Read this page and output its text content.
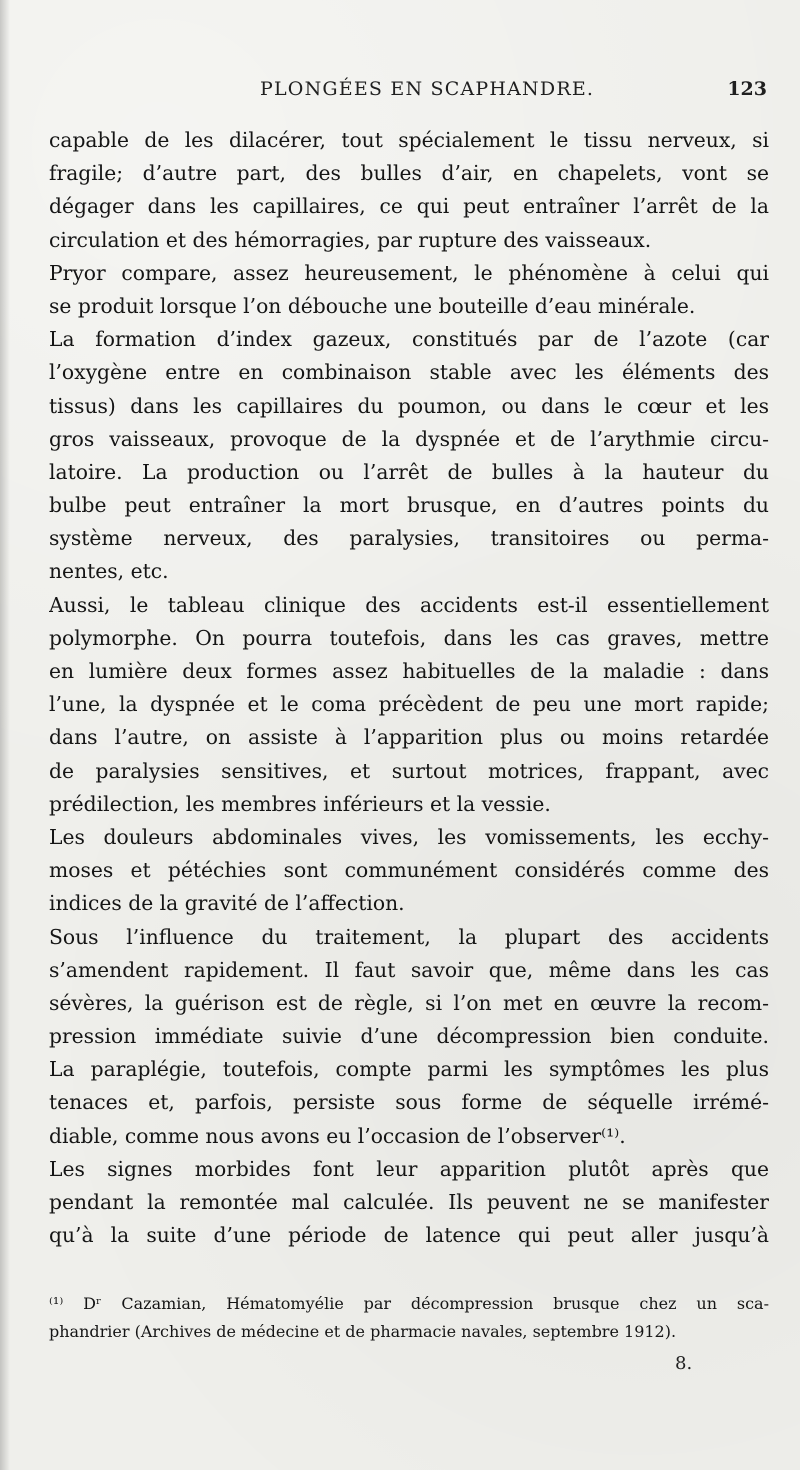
PLONGÉES EN SCAPHANDRE.	123
capable de les dilacérer, tout spécialement le tissu nerveux, si
fragile; d’autre part, des bulles d’air, en chapelets, vont se
dégager dans les capillaires, ce qui peut entraîner l’arrêt de la
circulation et des hémorragies, par rupture des vaisseaux.
Pryor compare, assez heureusement, le phénomène à celui qui
se produit lorsque l’on débouche une bouteille d’eau minérale.
La formation d’index gazeux, constitués par de l’azote (car
l’oxygène entre en combinaison stable avec les éléments des
tissus) dans les capillaires du poumon, ou dans le cœur et les
gros vaisseaux, provoque de la dyspnée et de l’arythmie circu-
latoire. La production ou l’arrêt de bulles à la hauteur du
bulbe peut entraîner la mort brusque, en d’autres points du
système nerveux, des paralysies, transitoires ou perma-
nentes, etc.
Aussi, le tableau clinique des accidents est-il essentiellement
polymorphe. On pourra toutefois, dans les cas graves, mettre
en lumière deux formes assez habituelles de la maladie : dans
l’une, la dyspnée et le coma précèdent de peu une mort rapide;
dans l’autre, on assiste à l’apparition plus ou moins retardée
de paralysies sensitives, et surtout motrices, frappant, avec
prédilection, les membres inférieurs et la vessie.
Les douleurs abdominales vives, les vomissements, les ecchy-
moses et pétéchies sont communément considérés comme des
indices de la gravité de l’affection.
Sous l’influence du traitement, la plupart des accidents
s’amendent rapidement. Il faut savoir que, même dans les cas
sévères, la guérison est de règle, si l’on met en œuvre la recom-
pression immédiate suivie d’une décompression bien conduite.
La paraplégie, toutefois, compte parmi les symptômes les plus
tenaces et, parfois, persiste sous forme de séquelle irrémé-
diable, comme nous avons eu l’occasion de l’observer⁽¹⁾.
Les signes morbides font leur apparition plutôt après que
pendant la remontée mal calculée. Ils peuvent ne se manifester
qu’à la suite d’une période de latence qui peut aller jusqu’à
⁽¹⁾ Dʳ Cazamian, Hématomyélie par décompression brusque chez un sca-
phandrier (Archives de médecine et de pharmacie navales, septembre 1912).
8.
